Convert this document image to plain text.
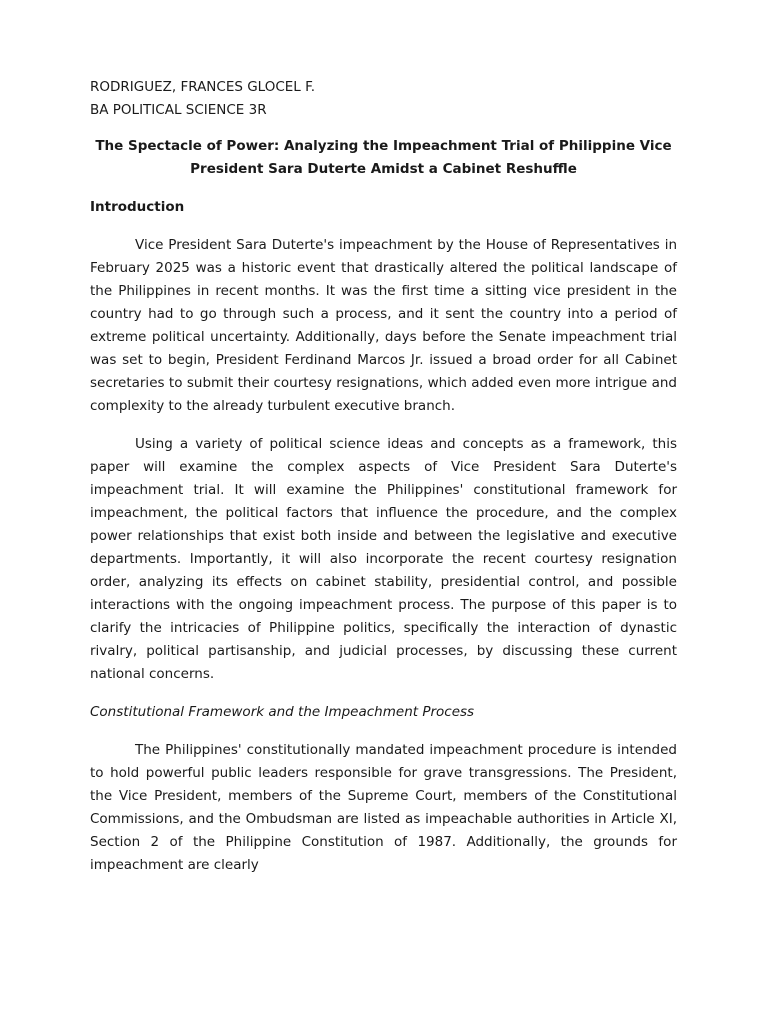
RODRIGUEZ, FRANCES GLOCEL F.

BA POLITICAL SCIENCE 3R

The Spectacle of Power: Analyzing the Impeachment Trial of Philippine Vice President Sara Duterte Amidst a Cabinet Reshuffle

Introduction

Vice President Sara Duterte's impeachment by the House of Representatives in February 2025 was a historic event that drastically altered the political landscape of the Philippines in recent months. It was the first time a sitting vice president in the country had to go through such a process, and it sent the country into a period of extreme political uncertainty. Additionally, days before the Senate impeachment trial was set to begin, President Ferdinand Marcos Jr. issued a broad order for all Cabinet secretaries to submit their courtesy resignations, which added even more intrigue and complexity to the already turbulent executive branch.

Using a variety of political science ideas and concepts as a framework, this paper will examine the complex aspects of Vice President Sara Duterte's impeachment trial. It will examine the Philippines' constitutional framework for impeachment, the political factors that influence the procedure, and the complex power relationships that exist both inside and between the legislative and executive departments. Importantly, it will also incorporate the recent courtesy resignation order, analyzing its effects on cabinet stability, presidential control, and possible interactions with the ongoing impeachment process. The purpose of this paper is to clarify the intricacies of Philippine politics, specifically the interaction of dynastic rivalry, political partisanship, and judicial processes, by discussing these current national concerns.

Constitutional Framework and the Impeachment Process

The Philippines' constitutionally mandated impeachment procedure is intended to hold powerful public leaders responsible for grave transgressions. The President, the Vice President, members of the Supreme Court, members of the Constitutional Commissions, and the Ombudsman are listed as impeachable authorities in Article XI, Section 2 of the Philippine Constitution of 1987. Additionally, the grounds for impeachment are clearly
